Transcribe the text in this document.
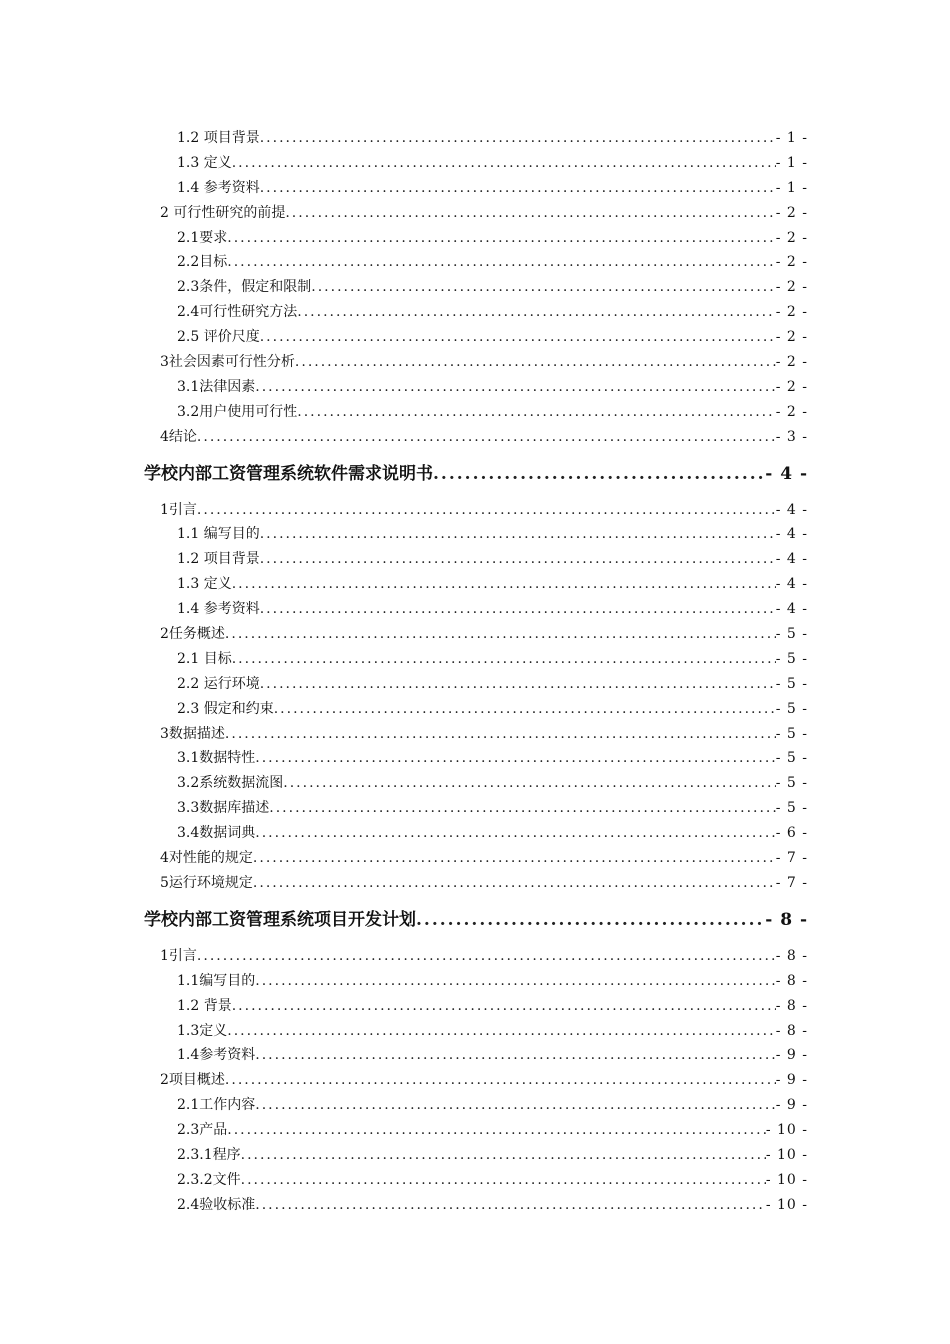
1.2 项目背景 .....	- 1 -
1.3 定义 .....	- 1 -
1.4 参考资料 .....	- 1 -
2 可行性研究的前提 .....	- 2 -
2.1要求 .....	- 2 -
2.2目标 .....	- 2 -
2.3条件，假定和限制 .....	- 2 -
2.4可行性研究方法 .....	- 2 -
2.5 评价尺度 .....	- 2 -
3社会因素可行性分析 .....	- 2 -
3.1法律因素 .....	- 2 -
3.2用户使用可行性 .....	- 2 -
4结论 .....	- 3 -
学校内部工资管理系统软件需求说明书 .....	- 4 -
1引言 .....	- 4 -
1.1 编写目的 .....	- 4 -
1.2 项目背景 .....	- 4 -
1.3 定义 .....	- 4 -
1.4 参考资料 .....	- 4 -
2任务概述 .....	- 5 -
2.1 目标 .....	- 5 -
2.2 运行环境 .....	- 5 -
2.3 假定和约束 .....	- 5 -
3数据描述 .....	- 5 -
3.1数据特性 .....	- 5 -
3.2系统数据流图 .....	- 5 -
3.3数据库描述 .....	- 5 -
3.4数据词典 .....	- 6 -
4对性能的规定 .....	- 7 -
5运行环境规定 .....	- 7 -
学校内部工资管理系统项目开发计划 .....	- 8 -
1引言 .....	- 8 -
1.1编写目的 .....	- 8 -
1.2 背景 .....	- 8 -
1.3定义 .....	- 8 -
1.4参考资料 .....	- 9 -
2项目概述 .....	- 9 -
2.1工作内容 .....	- 9 -
2.3产品 .....	- 10 -
2.3.1程序 .....	- 10 -
2.3.2文件 .....	- 10 -
2.4验收标准 .....	- 10 -
